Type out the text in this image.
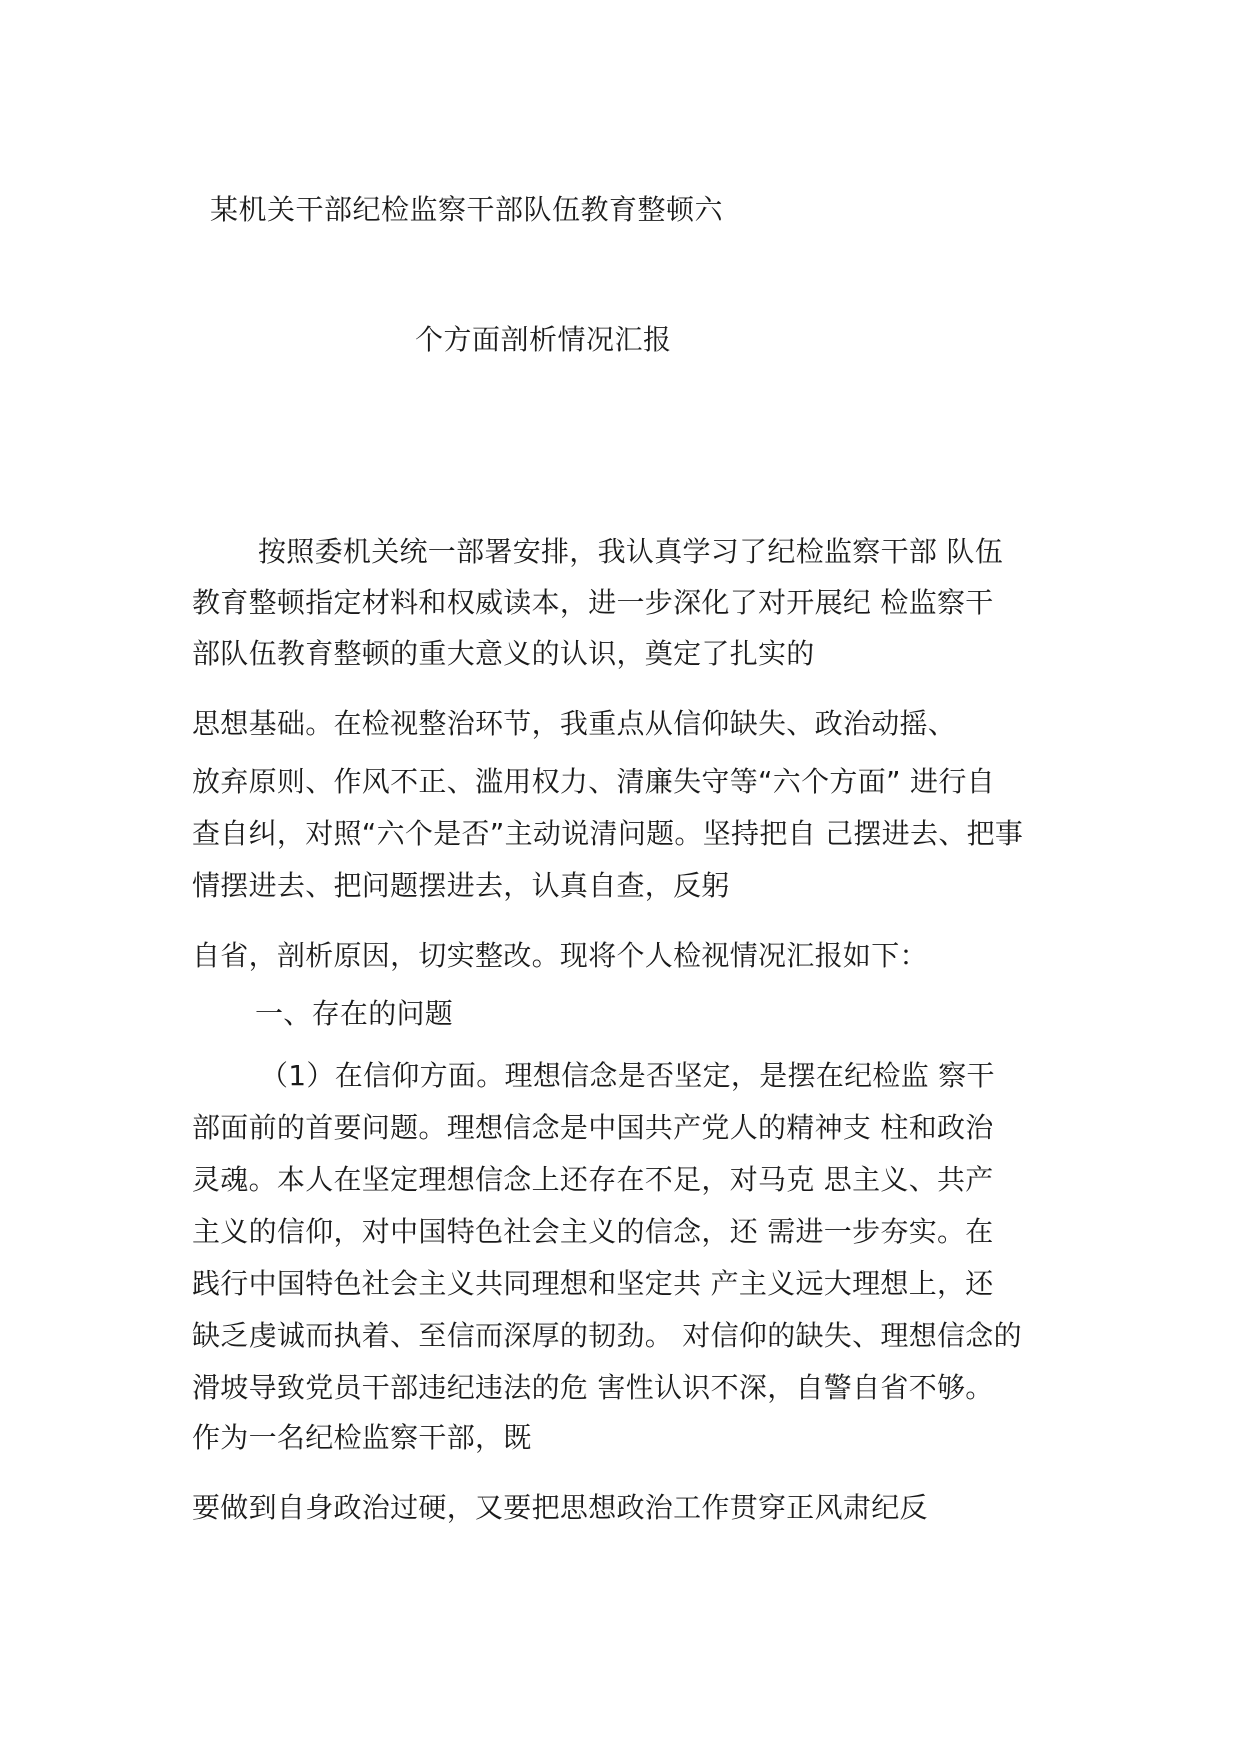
某机关干部纪检监察干部队伍教育整顿六
个方面剖析情况汇报
按照委机关统一部署安排，我认真学习了纪检监察干部 队伍
教育整顿指定材料和权威读本，进一步深化了对开展纪 检监察干
部队伍教育整顿的重大意义的认识，奠定了扎实的
思想基础。在检视整治环节，我重点从信仰缺失、政治动摇、
放弃原则、作风不正、滥用权力、清廉失守等“六个方面” 进行自
查自纠，对照“六个是否”主动说清问题。坚持把自 己摆进去、把事
情摆进去、把问题摆进去，认真自查，反躬
自省，剖析原因，切实整改。现将个人检视情况汇报如下：
一、存在的问题
（1）在信仰方面。理想信念是否坚定，是摆在纪检监 察干
部面前的首要问题。理想信念是中国共产党人的精神支 柱和政治
灵魂。本人在坚定理想信念上还存在不足，对马克 思主义、共产
主义的信仰，对中国特色社会主义的信念，还 需进一步夯实。在
践行中国特色社会主义共同理想和坚定共 产主义远大理想上，还
缺乏虔诚而执着、至信而深厚的韧劲。 对信仰的缺失、理想信念的
滑坡导致党员干部违纪违法的危 害性认识不深，自警自省不够。
作为一名纪检监察干部，既
要做到自身政治过硬，又要把思想政治工作贯穿正风肃纪反
